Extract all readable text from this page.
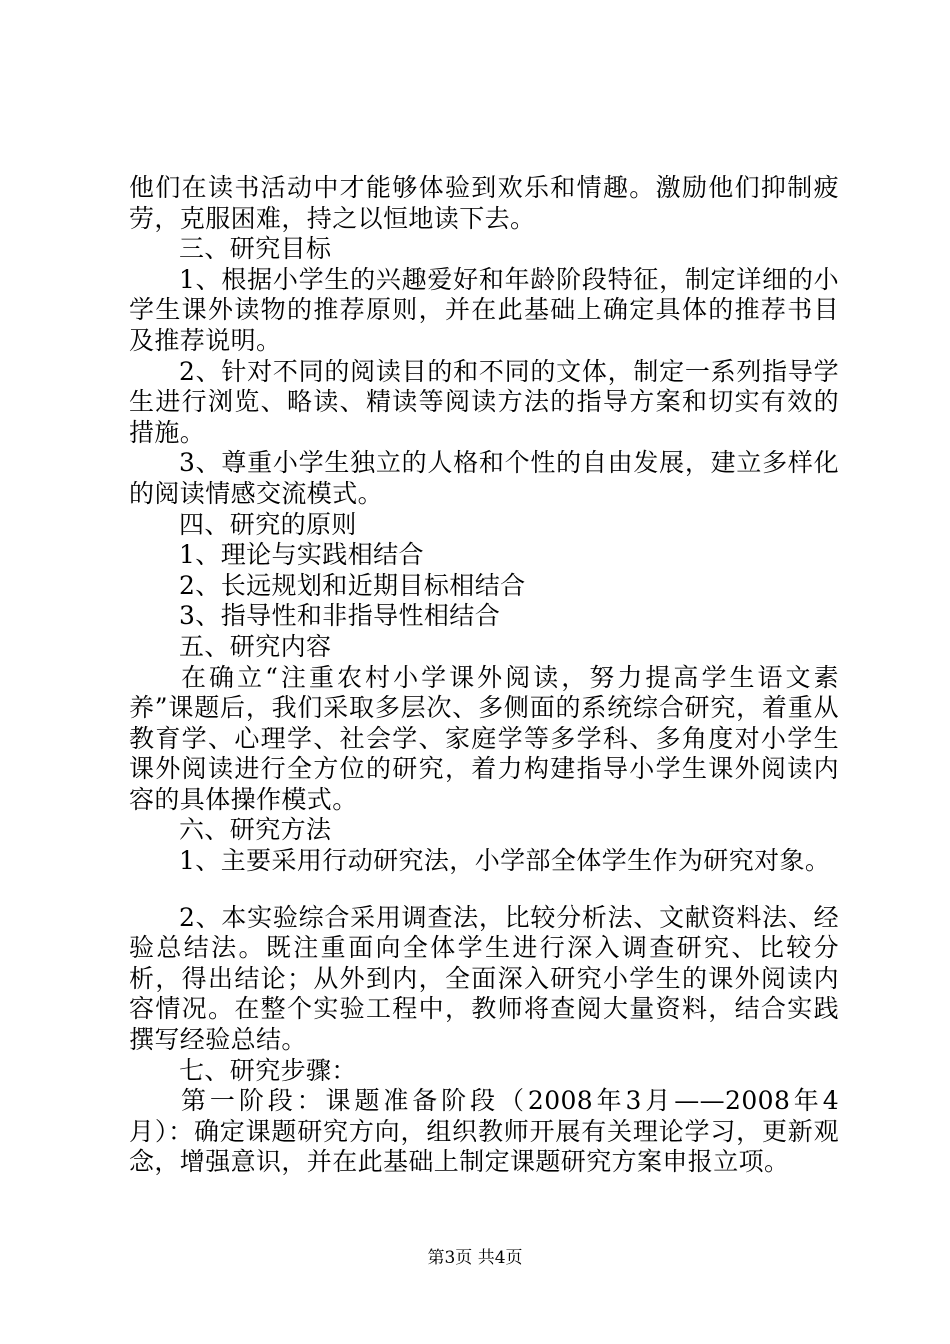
他们在读书活动中才能够体验到欢乐和情趣。激励他们抑制疲劳，克服困难，持之以恒地读下去。

三、研究目标

1、根据小学生的兴趣爱好和年龄阶段特征，制定详细的小学生课外读物的推荐原则，并在此基础上确定具体的推荐书目及推荐说明。

2、针对不同的阅读目的和不同的文体，制定一系列指导学生进行浏览、略读、精读等阅读方法的指导方案和切实有效的措施。

3、尊重小学生独立的人格和个性的自由发展，建立多样化的阅读情感交流模式。

四、研究的原则

1、理论与实践相结合

2、长远规划和近期目标相结合

3、指导性和非指导性相结合

五、研究内容

在确立“注重农村小学课外阅读，努力提高学生语文素养”课题后，我们采取多层次、多侧面的系统综合研究，着重从教育学、心理学、社会学、家庭学等多学科、多角度对小学生课外阅读进行全方位的研究，着力构建指导小学生课外阅读内容的具体操作模式。

六、研究方法

1、主要采用行动研究法，小学部全体学生作为研究对象。

2、本实验综合采用调查法，比较分析法、文献资料法、经验总结法。既注重面向全体学生进行深入调查研究、比较分析，得出结论；从外到内，全面深入研究小学生的课外阅读内容情况。在整个实验工程中，教师将查阅大量资料，结合实践撰写经验总结。

七、研究步骤：

第一阶段：课题准备阶段（2008年3月——2008年4月）：确定课题研究方向，组织教师开展有关理论学习，更新观念，增强意识，并在此基础上制定课题研究方案申报立项。

第3页 共4页
